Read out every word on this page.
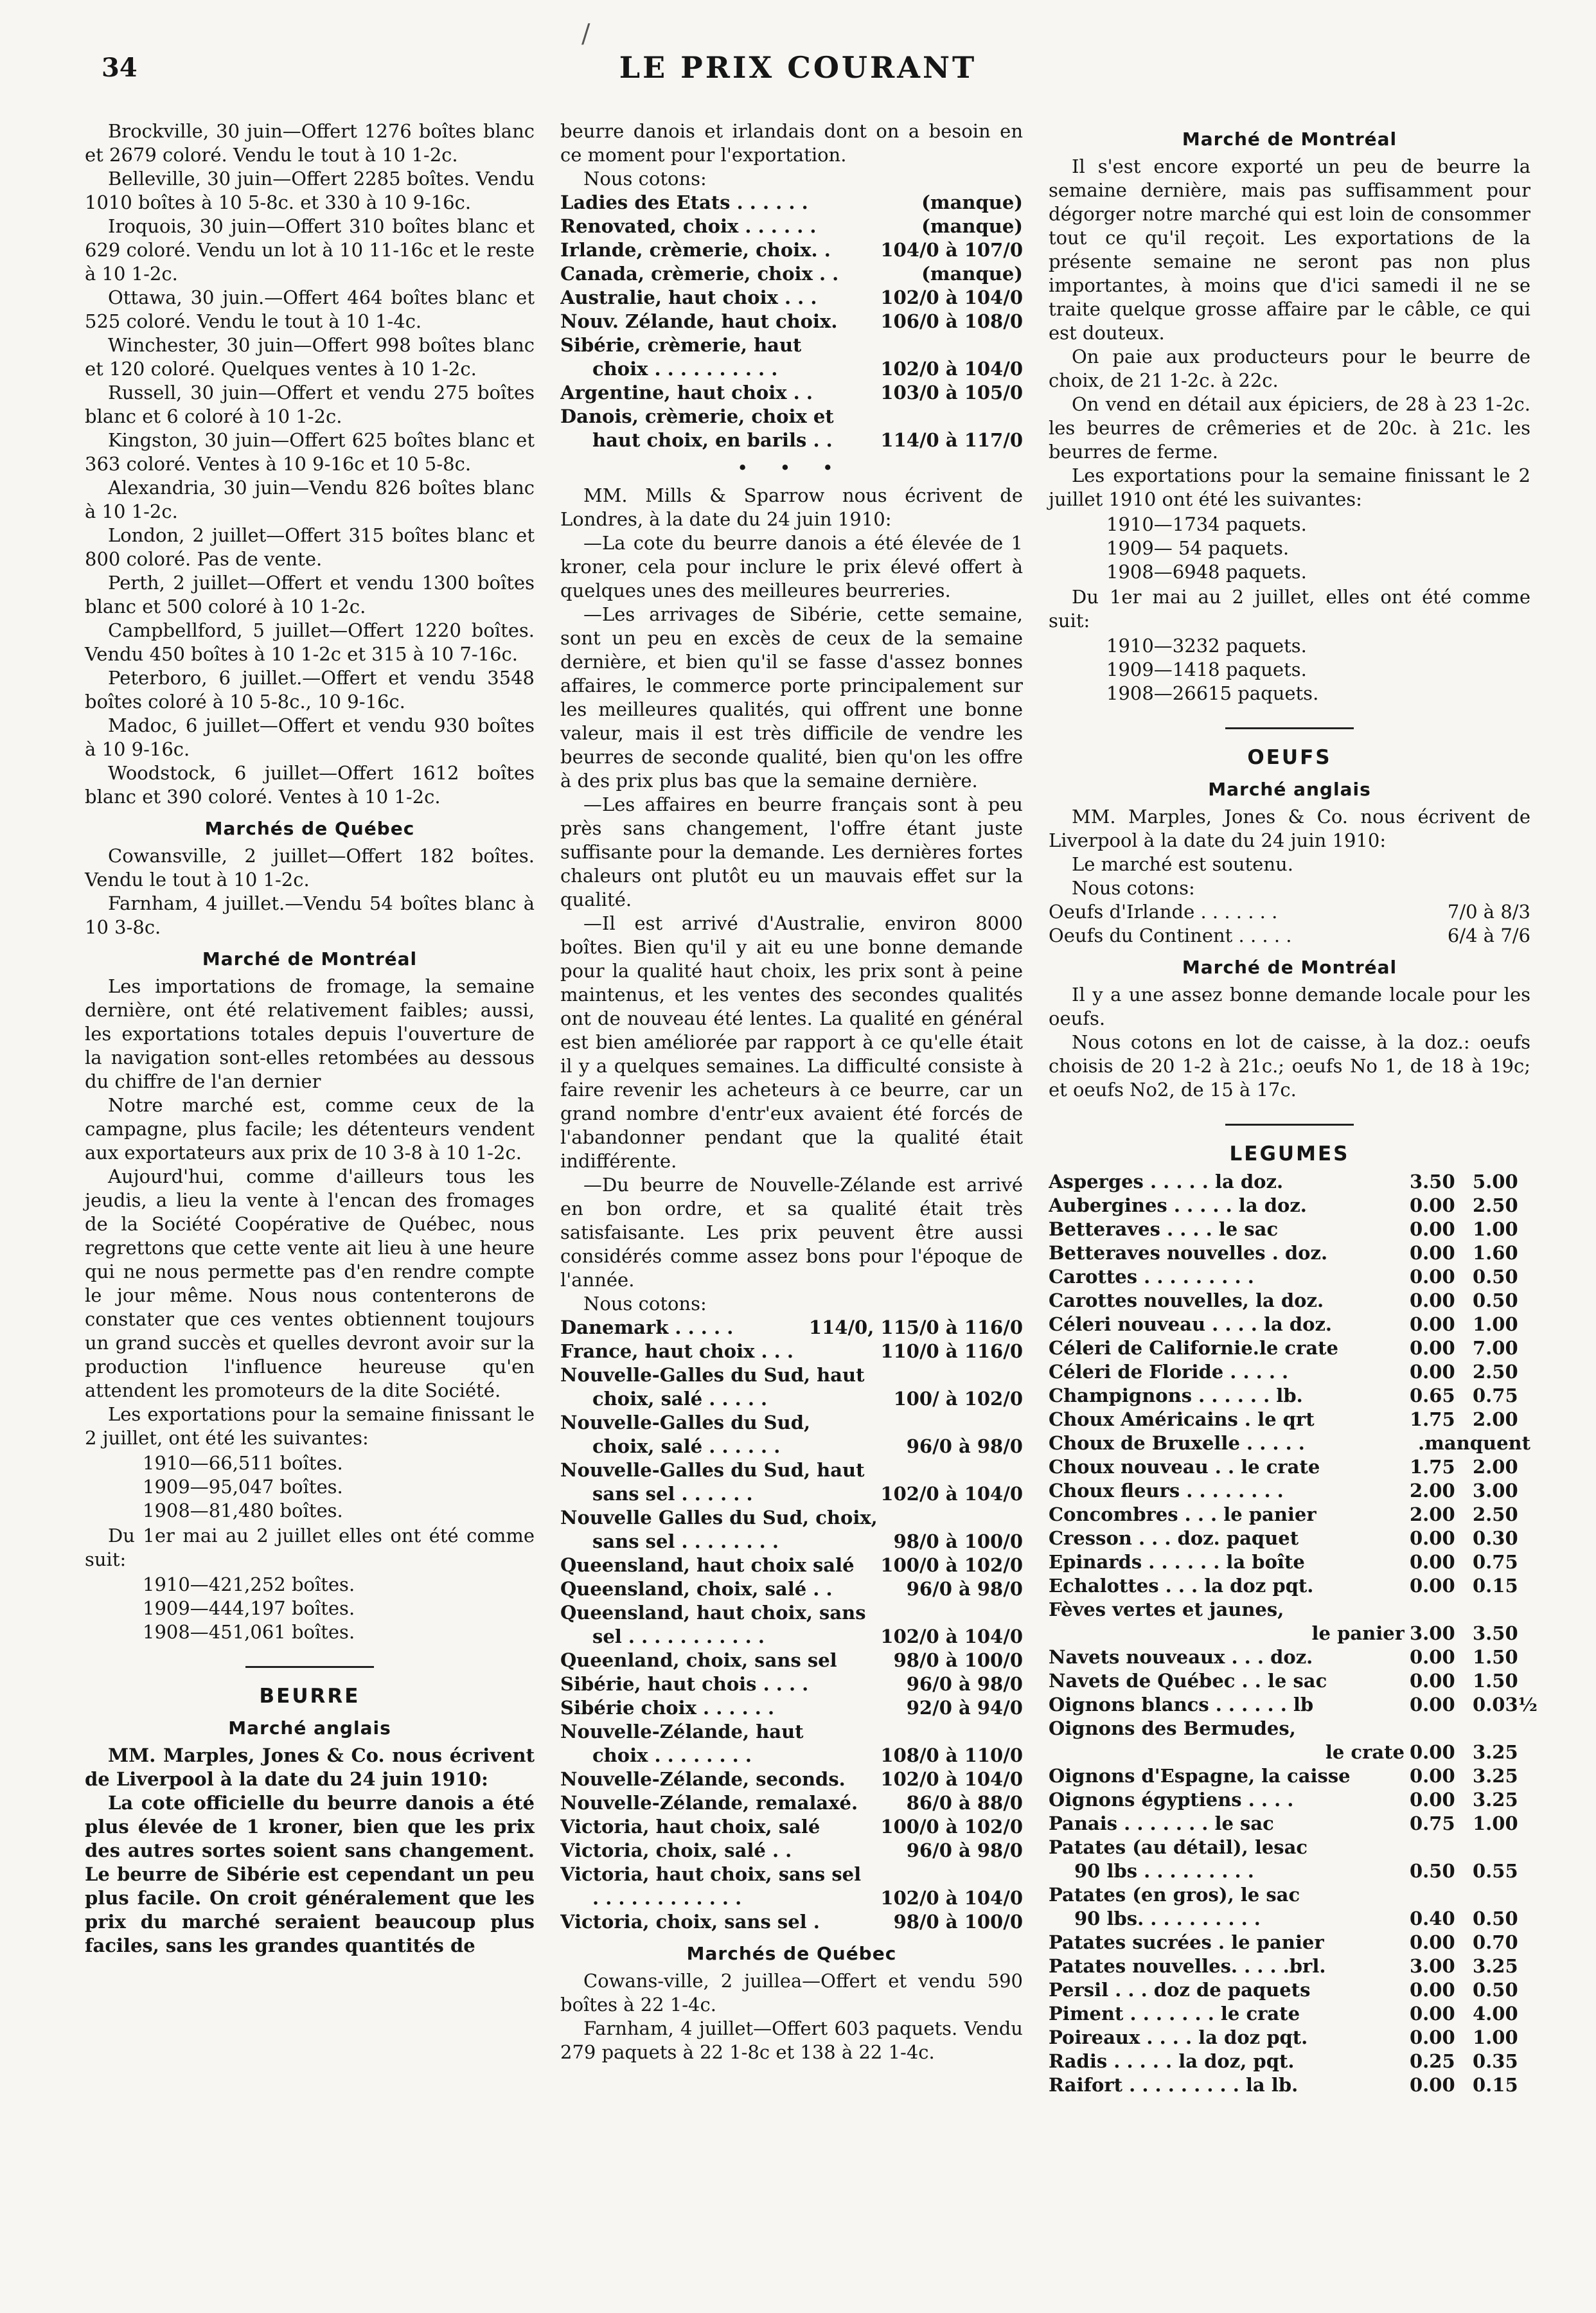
34
/
LE PRIX COURANT

Brockville, 30 juin—Offert 1276 boîtes blanc et 2679 coloré. Vendu le tout à 10 1-2c.

Belleville, 30 juin—Offert 2285 boîtes. Vendu 1010 boîtes à 10 5-8c. et 330 à 10 9-16c.

Iroquois, 30 juin—Offert 310 boîtes blanc et 629 coloré. Vendu un lot à 10 11-16c et le reste à 10 1-2c.

Ottawa, 30 juin.—Offert 464 boîtes blanc et 525 coloré. Vendu le tout à 10 1-4c.

Winchester, 30 juin—Offert 998 boîtes blanc et 120 coloré. Quelques ventes à 10 1-2c.

Russell, 30 juin—Offert et vendu 275 boîtes blanc et 6 coloré à 10 1-2c.

Kingston, 30 juin—Offert 625 boîtes blanc et 363 coloré. Ventes à 10 9-16c et 10 5-8c.

Alexandria, 30 juin—Vendu 826 boîtes blanc à 10 1-2c.

London, 2 juillet—Offert 315 boîtes blanc et 800 coloré. Pas de vente.

Perth, 2 juillet—Offert et vendu 1300 boîtes blanc et 500 coloré à 10 1-2c.

Campbellford, 5 juillet—Offert 1220 boîtes. Vendu 450 boîtes à 10 1-2c et 315 à 10 7-16c.

Peterboro, 6 juillet.—Offert et vendu 3548 boîtes coloré à 10 5-8c., 10 9-16c.

Madoc, 6 juillet—Offert et vendu 930 boîtes à 10 9-16c.

Woodstock, 6 juillet—Offert 1612 boîtes blanc et 390 coloré. Ventes à 10 1-2c.

Marchés de Québec

Cowansville, 2 juillet—Offert 182 boîtes. Vendu le tout à 10 1-2c.

Farnham, 4 juillet.—Vendu 54 boîtes blanc à 10 3-8c.

Marché de Montréal

Les importations de fromage, la semaine dernière, ont été relativement faibles; aussi, les exportations totales depuis l'ouverture de la navigation sont-elles retombées au dessous du chiffre de l'an dernier

Notre marché est, comme ceux de la campagne, plus facile; les détenteurs vendent aux exportateurs aux prix de 10 3-8 à 10 1-2c.

Aujourd'hui, comme d'ailleurs tous les jeudis, a lieu la vente à l'encan des fromages de la Société Coopérative de Québec, nous regrettons que cette vente ait lieu à une heure qui ne nous permette pas d'en rendre compte le jour même. Nous nous contenterons de constater que ces ventes obtiennent toujours un grand succès et quelles devront avoir sur la production l'influence heureuse qu'en attendent les promoteurs de la dite Société.

Les exportations pour la semaine finissant le 2 juillet, ont été les suivantes:

1910—66,511 boîtes.

1909—95,047 boîtes.

1908—81,480 boîtes.

Du 1er mai au 2 juillet elles ont été comme suit:

1910—421,252 boîtes.

1909—444,197 boîtes.

1908—451,061 boîtes.

BEURRE
Marché anglais

MM. Marples, Jones & Co. nous écrivent de Liverpool à la date du 24 juin 1910:

La cote officielle du beurre danois a été plus élevée de 1 kroner, bien que les prix des autres sortes soient sans changement. Le beurre de Sibérie est cependant un peu plus facile. On croit généralement que les prix du marché seraient beaucoup plus faciles, sans les grandes quantités de

beurre danois et irlandais dont on a besoin en ce moment pour l'exportation.

Nous cotons:

Ladies des Etats . . . . . .	(manque)
Renovated, choix . . . . . .	(manque)
Irlande, crèmerie, choix. .	104/0 à 107/0
Canada, crèmerie, choix . .	(manque)
Australie, haut choix . . .	102/0 à 104/0
Nouv. Zélande, haut choix. 106/0 à 108/0
Sibérie, crèmerie, haut
choix . . . . . . . . . .	102/0 à 104/0
Argentine, haut choix . .	103/0 à 105/0
Danois, crèmerie, choix et
haut choix, en barils . .	114/0 à 117/0
• • •

MM. Mills & Sparrow nous écrivent de Londres, à la date du 24 juin 1910:

—La cote du beurre danois a été élevée de 1 kroner, cela pour inclure le prix élevé offert à quelques unes des meilleures beurreries.

—Les arrivages de Sibérie, cette semaine, sont un peu en excès de ceux de la semaine dernière, et bien qu'il se fasse d'assez bonnes affaires, le commerce porte principalement sur les meilleures qualités, qui offrent une bonne valeur, mais il est très difficile de vendre les beurres de seconde qualité, bien qu'on les offre à des prix plus bas que la semaine dernière.

—Les affaires en beurre français sont à peu près sans changement, l'offre étant juste suffisante pour la demande. Les dernières fortes chaleurs ont plutôt eu un mauvais effet sur la qualité.

—Il est arrivé d'Australie, environ 8000 boîtes. Bien qu'il y ait eu une bonne demande pour la qualité haut choix, les prix sont à peine maintenus, et les ventes des secondes qualités ont de nouveau été lentes. La qualité en général est bien améliorée par rapport à ce qu'elle était il y a quelques semaines. La difficulté consiste à faire revenir les acheteurs à ce beurre, car un grand nombre d'entr'eux avaient été forcés de l'abandonner pendant que la qualité était indifférente.

—Du beurre de Nouvelle-Zélande est arrivé en bon ordre, et sa qualité était très satisfaisante. Les prix peuvent être aussi considérés comme assez bons pour l'époque de l'année.

Nous cotons:

Danemark . . . . .	114/0, 115/0 à 116/0
France, haut choix . . .	110/0 à 116/0
Nouvelle-Galles du Sud, haut
choix, salé . . . . .	100/ à 102/0
Nouvelle-Galles du Sud,
choix, salé . . . . . .	96/0 à 98/0
Nouvelle-Galles du Sud, haut
sans sel . . . . . .	102/0 à 104/0
Nouvelle Galles du Sud, choix,
sans sel . . . . . . . .	98/0 à 100/0
Queensland, haut choix salé 100/0 à 102/0
Queensland, choix, salé . .	96/0 à 98/0
Queensland, haut choix, sans
sel . . . . . . . . . . .	102/0 à 104/0
Queenland, choix, sans sel	98/0 à 100/0
Sibérie, haut chois . . . .	96/0 à 98/0
Sibérie choix . . . . . .	92/0 à 94/0
Nouvelle-Zélande, haut
choix . . . . . . . .	108/0 à 110/0
Nouvelle-Zélande, seconds. 102/0 à 104/0
Nouvelle-Zélande, remalaxé.	86/0 à 88/0
Victoria, haut choix, salé	100/0 à 102/0
Victoria, choix, salé . .	96/0 à 98/0
Victoria, haut choix, sans sel
. . . . . . . . . . . .	102/0 à 104/0
Victoria, choix, sans sel .	98/0 à 100/0
Marchés de Québec

Cowans-ville, 2 juillea—Offert et vendu 590 boîtes à 22 1-4c.

Farnham, 4 juillet—Offert 603 paquets. Vendu 279 paquets à 22 1-8c et 138 à 22 1-4c.

Marché de Montréal

Il s'est encore exporté un peu de beurre la semaine dernière, mais pas suffisamment pour dégorger notre marché qui est loin de consommer tout ce qu'il reçoit. Les exportations de la présente semaine ne seront pas non plus importantes, à moins que d'ici samedi il ne se traite quelque grosse affaire par le câble, ce qui est douteux.

On paie aux producteurs pour le beurre de choix, de 21 1-2c. à 22c.

On vend en détail aux épiciers, de 28 à 23 1-2c. les beurres de crêmeries et de 20c. à 21c. les beurres de ferme.

Les exportations pour la semaine finissant le 2 juillet 1910 ont été les suivantes:

1910—1734 paquets.

1909— 54 paquets.

1908—6948 paquets.

Du 1er mai au 2 juillet, elles ont été comme suit:

1910—3232 paquets.

1909—1418 paquets.

1908—26615 paquets.

OEUFS
Marché anglais

MM. Marples, Jones & Co. nous écrivent de Liverpool à la date du 24 juin 1910:

Le marché est soutenu.

Nous cotons:

Oeufs d'Irlande . . . . . . .	7/0 à 8/3
Oeufs du Continent . . . . .	6/4 à 7/6
Marché de Montréal

Il y a une assez bonne demande locale pour les oeufs.

Nous cotons en lot de caisse, à la doz.: oeufs choisis de 20 1-2 à 21c.; oeufs No 1, de 18 à 19c; et oeufs No2, de 15 à 17c.

LEGUMES
Asperges . . . . . la doz.	3.50 5.00
Aubergines . . . . . la doz.	0.00 2.50
Betteraves . . . . le sac	0.00 1.00
Betteraves nouvelles . doz.	0.00 1.60
Carottes . . . . . . . . .	0.00 0.50
Carottes nouvelles, la doz.	0.00 0.50
Céleri nouveau . . . . la doz.	0.00 1.00
Céleri de Californie.le crate	0.00 7.00
Céleri de Floride . . . . .	0.00 2.50
Champignons . . . . . . lb.	0.65 0.75
Choux Américains . le qrt	1.75 2.00
Choux de Bruxelle . . . . .	.manquent
Choux nouveau . . le crate	1.75 2.00
Choux fleurs . . . . . . . .	2.00 3.00
Concombres . . . le panier	2.00 2.50
Cresson . . . doz. paquet	0.00 0.30
Epinards . . . . . . la boîte	0.00 0.75
Echalottes . . . la doz pqt.	0.00 0.15
Fèves vertes et jaunes,
le panier 3.00 3.50
Navets nouveaux . . . doz.	0.00 1.50
Navets de Québec . . le sac	0.00 1.50
Oignons blancs . . . . . . lb	0.00 0.03½
Oignons des Bermudes,
le crate 0.00 3.25
Oignons d'Espagne, la caisse	0.00 3.25
Oignons égyptiens . . . .	0.00 3.25
Panais . . . . . . . le sac	0.75 1.00
Patates (au détail), lesac
90 lbs . . . . . . . . .	0.50 0.55
Patates (en gros), le sac
90 lbs. . . . . . . . . .	0.40 0.50
Patates sucrées . le panier	0.00 0.70
Patates nouvelles. . . . .brl.	3.00 3.25
Persil . . . doz de paquets	0.00 0.50
Piment . . . . . . . le crate	0.00 4.00
Poireaux . . . . la doz pqt.	0.00 1.00
Radis . . . . . la doz, pqt.	0.25 0.35
Raifort . . . . . . . . . la lb.	0.00 0.15
